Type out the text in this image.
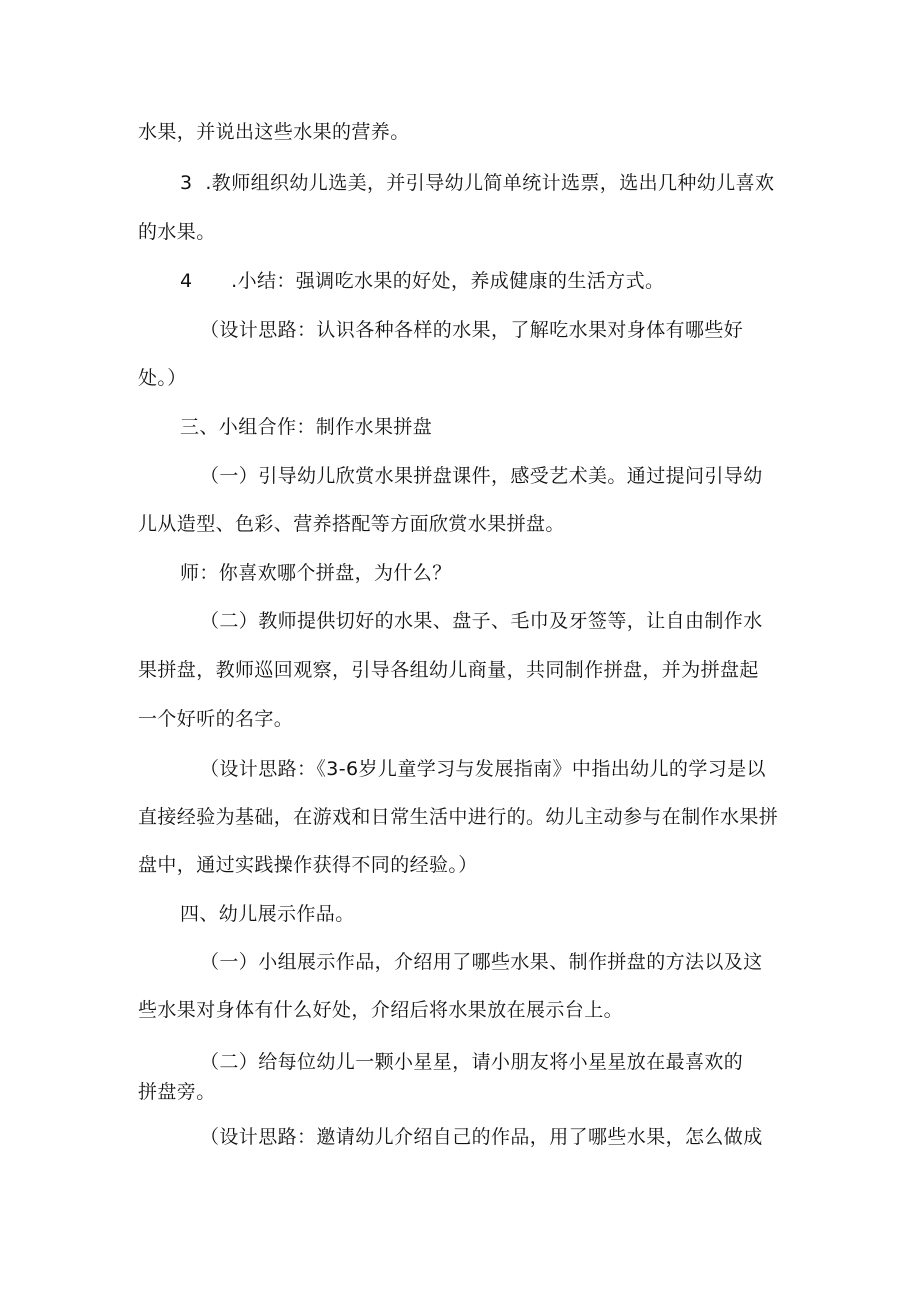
水果，并说出这些水果的营养。
3  .教师组织幼儿选美，并引导幼儿简单统计选票，选出几种幼儿喜欢
的水果。
4      .小结：强调吃水果的好处，养成健康的生活方式。
（设计思路：认识各种各样的水果，了解吃水果对身体有哪些好
处。）
三、小组合作：制作水果拼盘
（一）引导幼儿欣赏水果拼盘课件，感受艺术美。通过提问引导幼
儿从造型、色彩、营养搭配等方面欣赏水果拼盘。
师：你喜欢哪个拼盘，为什么？
（二）教师提供切好的水果、盘子、毛巾及牙签等，让自由制作水
果拼盘，教师巡回观察，引导各组幼儿商量，共同制作拼盘，并为拼盘起
一个好听的名字。
（设计思路：《3-6岁儿童学习与发展指南》中指出幼儿的学习是以
直接经验为基础，在游戏和日常生活中进行的。幼儿主动参与在制作水果拼
盘中，通过实践操作获得不同的经验。）
四、幼儿展示作品。
（一）小组展示作品，介绍用了哪些水果、制作拼盘的方法以及这
些水果对身体有什么好处，介绍后将水果放在展示台上。
（二）给每位幼儿一颗小星星，请小朋友将小星星放在最喜欢的
拼盘旁。
（设计思路：邀请幼儿介绍自己的作品，用了哪些水果，怎么做成
